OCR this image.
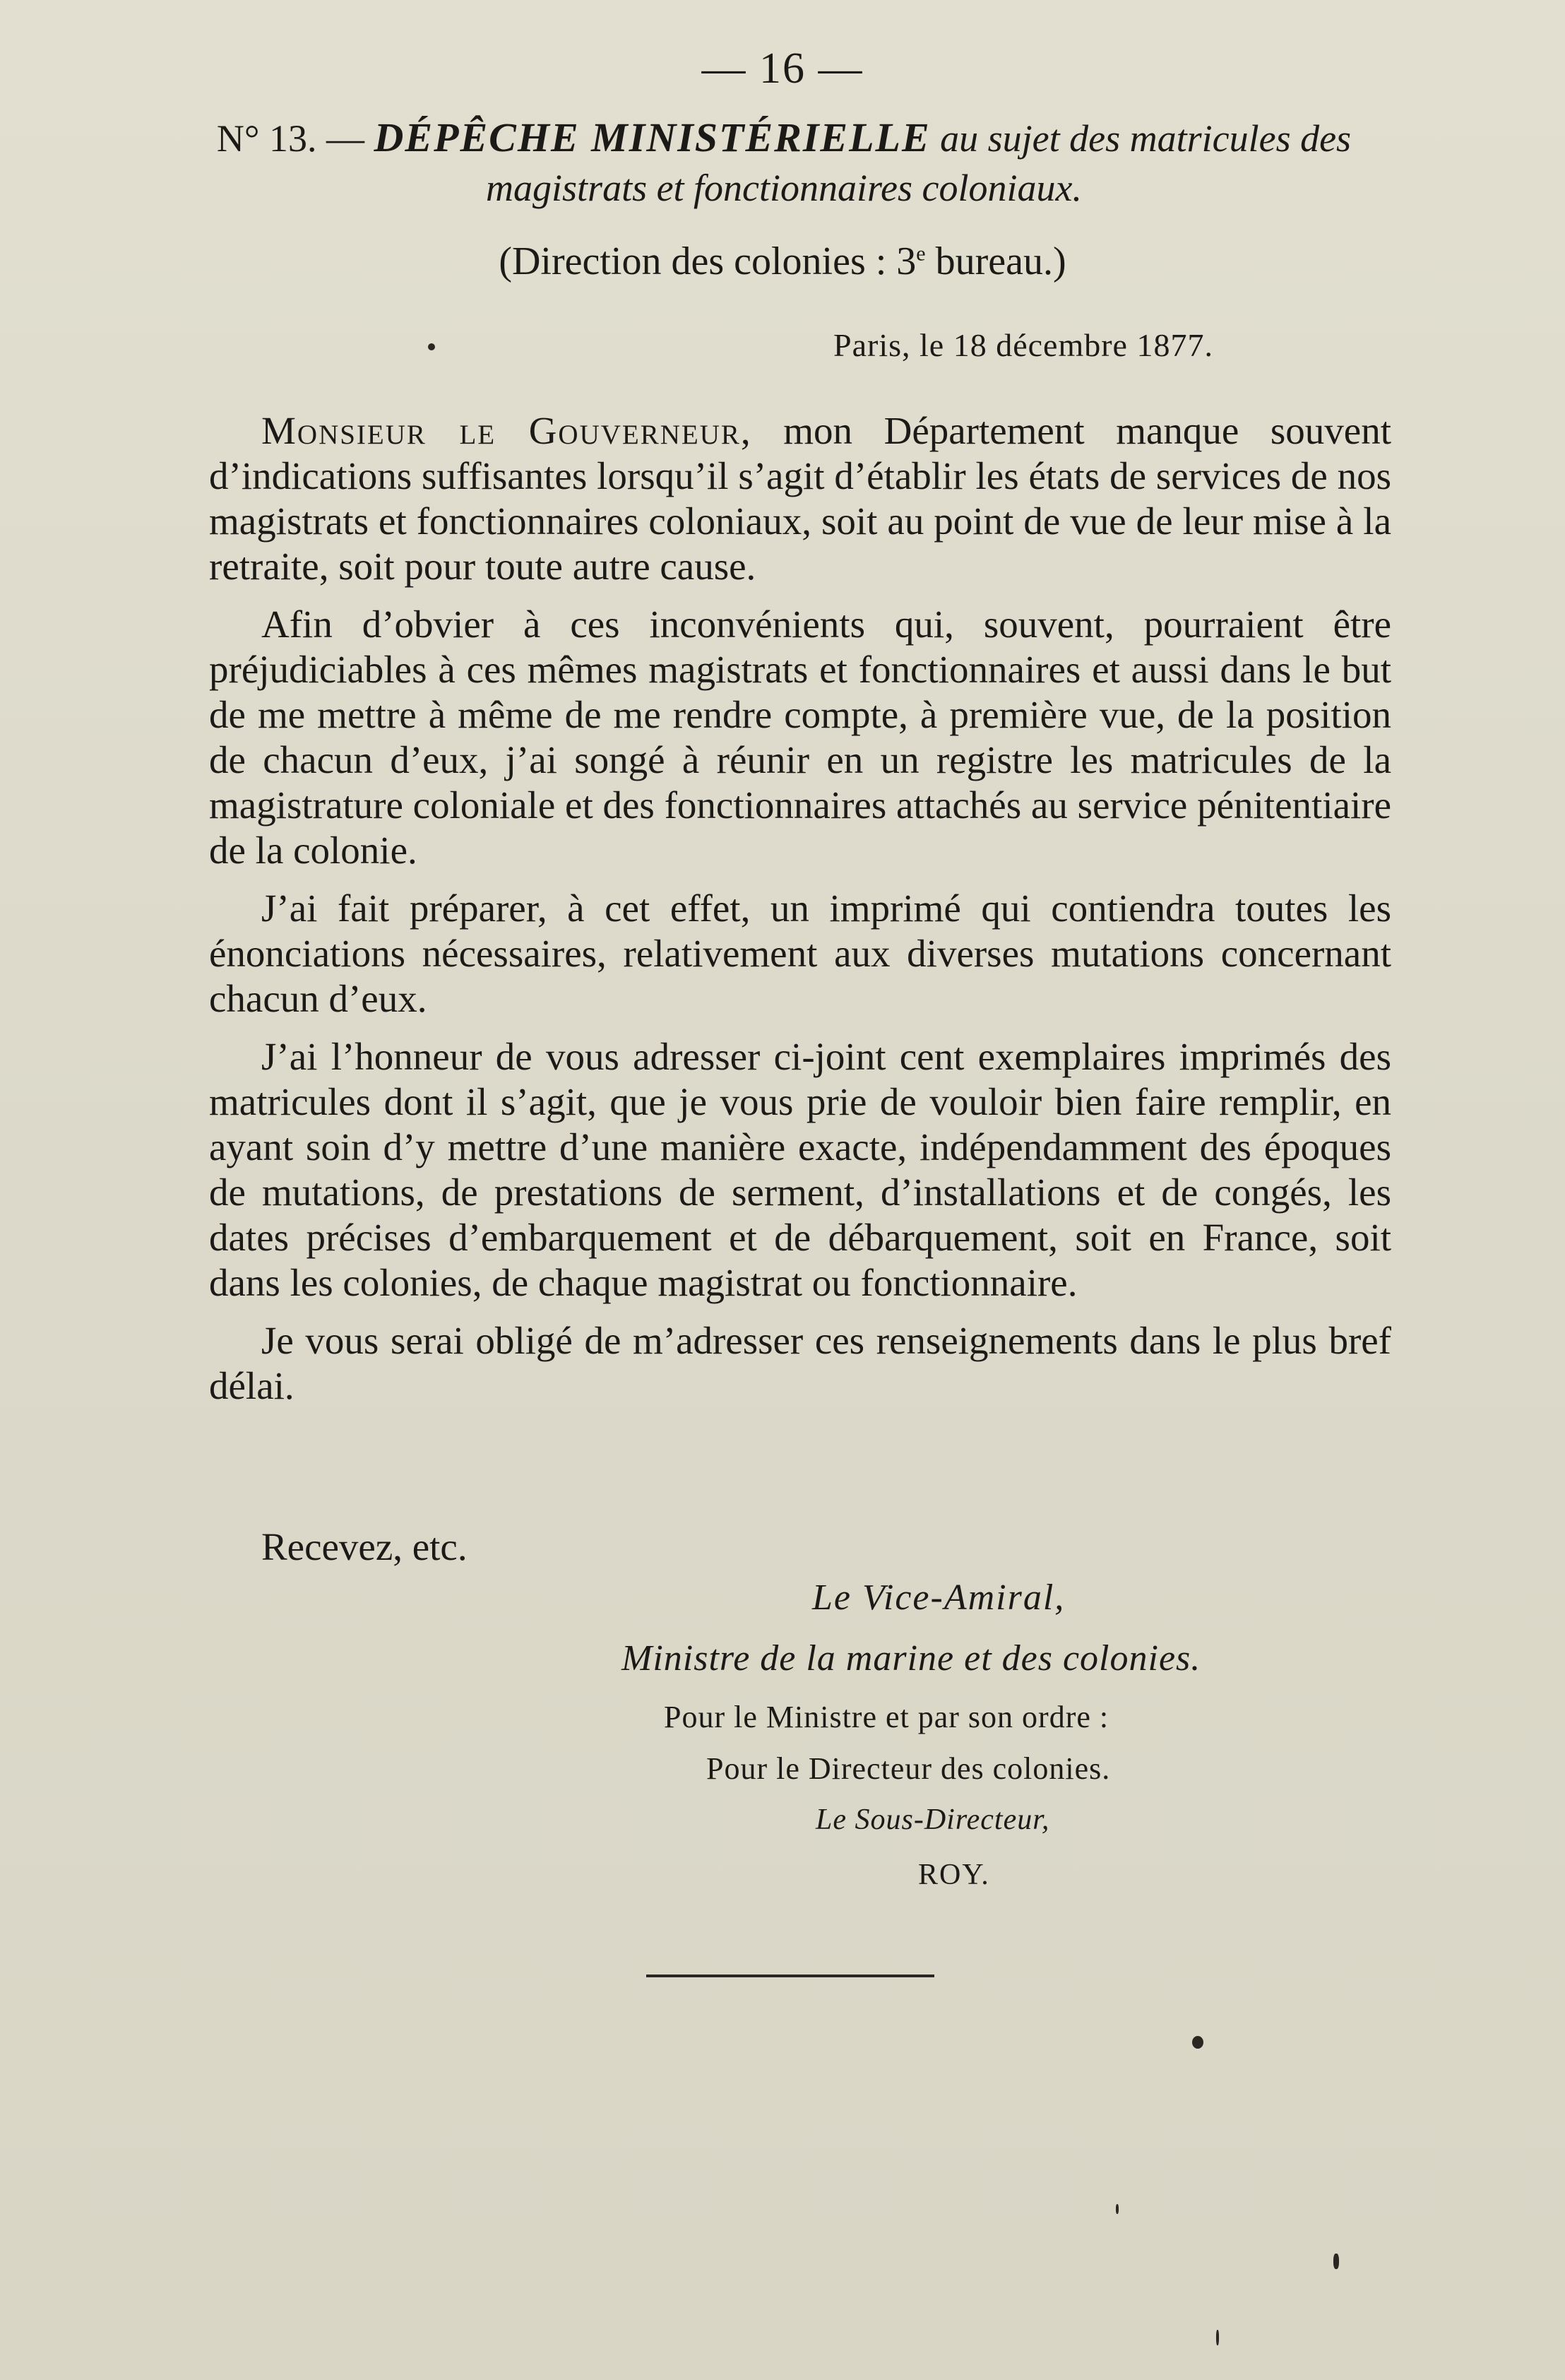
— 16 —
N° 13. — DÉPÊCHE MINISTÉRIELLE au sujet des matricules des magistrats et fonctionnaires coloniaux.
(Direction des colonies : 3e bureau.)
Paris, le 18 décembre 1877.

Monsieur le Gouverneur, mon Département manque souvent d’indications suffisantes lorsqu’il s’agit d’établir les états de services de nos magistrats et fonctionnaires coloniaux, soit au point de vue de leur mise à la retraite, soit pour toute autre cause.

Afin d’obvier à ces inconvénients qui, souvent, pourraient être préjudiciables à ces mêmes magistrats et fonctionnaires et aussi dans le but de me mettre à même de me rendre compte, à première vue, de la position de chacun d’eux, j’ai songé à réunir en un registre les matricules de la magistrature coloniale et des fonctionnaires attachés au service pénitentiaire de la colonie.

J’ai fait préparer, à cet effet, un imprimé qui contiendra toutes les énonciations nécessaires, relativement aux diverses mutations concernant chacun d’eux.

J’ai l’honneur de vous adresser ci-joint cent exemplaires imprimés des matricules dont il s’agit, que je vous prie de vouloir bien faire remplir, en ayant soin d’y mettre d’une manière exacte, indépendamment des époques de mutations, de prestations de serment, d’installations et de congés, les dates précises d’embarquement et de débarquement, soit en France, soit dans les colonies, de chaque magistrat ou fonctionnaire.

Je vous serai obligé de m’adresser ces renseignements dans le plus bref délai.

Recevez, etc.
Le Vice-Amiral,
Ministre de la marine et des colonies.
Pour le Ministre et par son ordre :
Pour le Directeur des colonies.
Le Sous-Directeur,
ROY.
